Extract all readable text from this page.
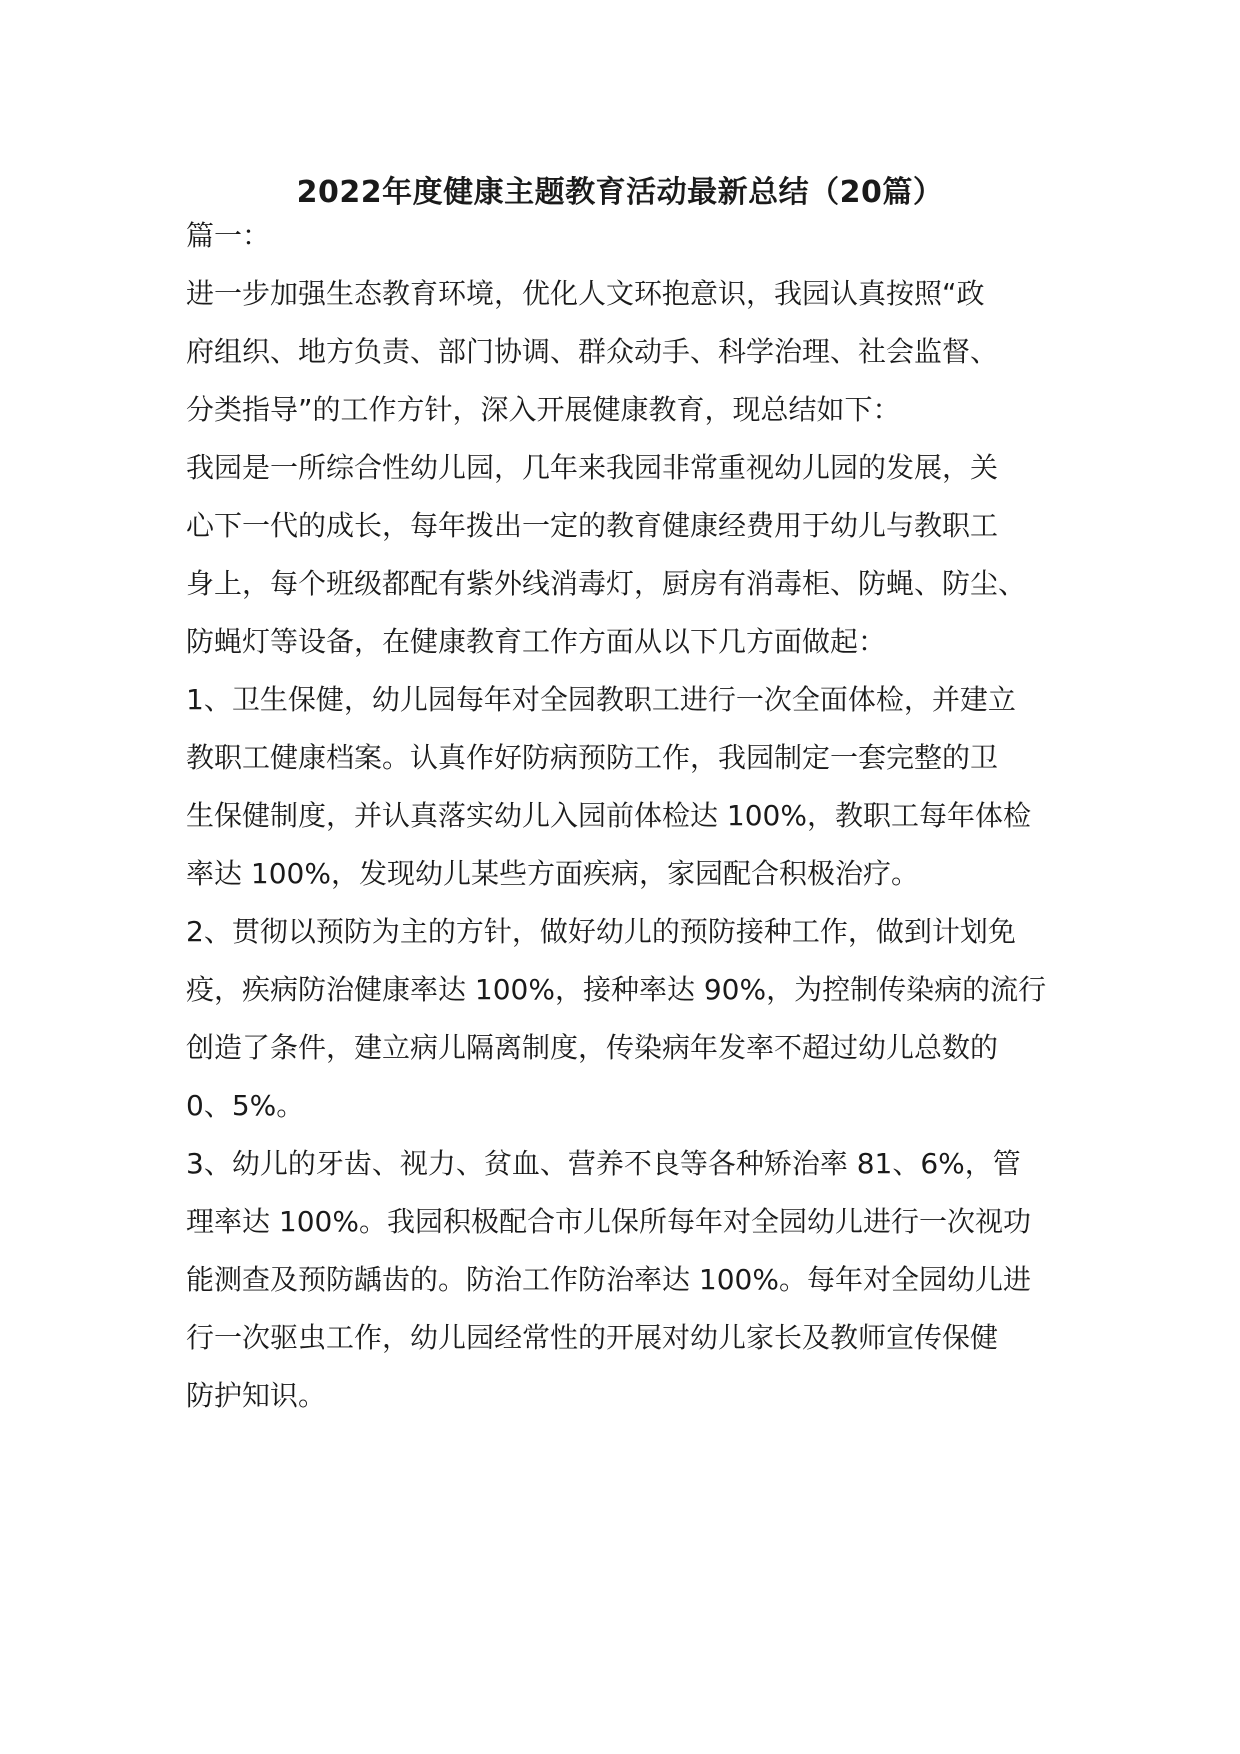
2022年度健康主题教育活动最新总结（20篇）
篇一：
进一步加强生态教育环境，优化人文环抱意识，我园认真按照“政
府组织、地方负责、部门协调、群众动手、科学治理、社会监督、
分类指导”的工作方针，深入开展健康教育，现总结如下：
我园是一所综合性幼儿园，几年来我园非常重视幼儿园的发展，关
心下一代的成长，每年拨出一定的教育健康经费用于幼儿与教职工
身上，每个班级都配有紫外线消毒灯，厨房有消毒柜、防蝇、防尘、
防蝇灯等设备，在健康教育工作方面从以下几方面做起：
1、卫生保健，幼儿园每年对全园教职工进行一次全面体检，并建立
教职工健康档案。认真作好防病预防工作，我园制定一套完整的卫
生保健制度，并认真落实幼儿入园前体检达 100%，教职工每年体检
率达 100%，发现幼儿某些方面疾病，家园配合积极治疗。
2、贯彻以预防为主的方针，做好幼儿的预防接种工作，做到计划免
疫，疾病防治健康率达 100%，接种率达 90%，为控制传染病的流行
创造了条件，建立病儿隔离制度，传染病年发率不超过幼儿总数的
0、5%。
3、幼儿的牙齿、视力、贫血、营养不良等各种矫治率 81、6%，管
理率达 100%。我园积极配合市儿保所每年对全园幼儿进行一次视功
能测查及预防龋齿的。防治工作防治率达 100%。每年对全园幼儿进
行一次驱虫工作，幼儿园经常性的开展对幼儿家长及教师宣传保健
防护知识。
